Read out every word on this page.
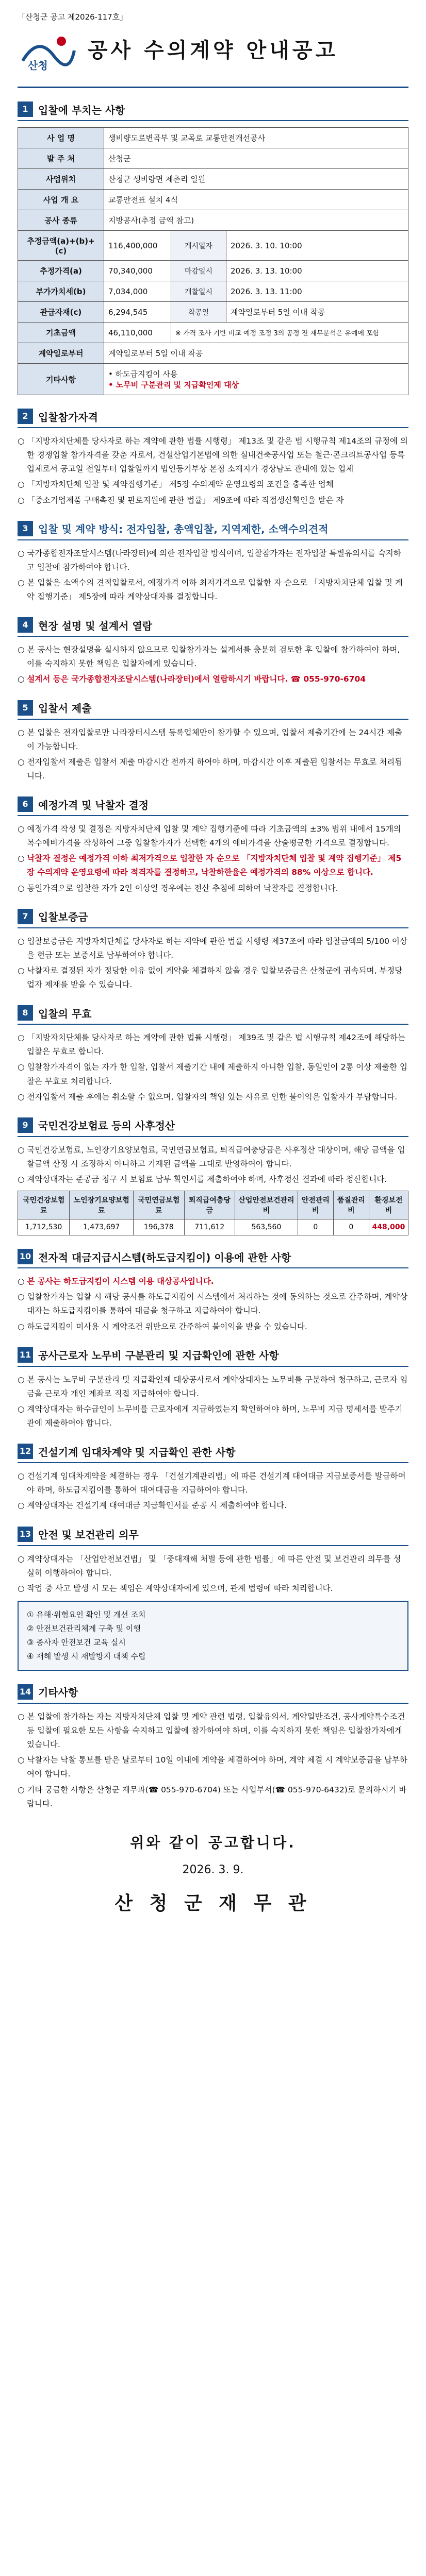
「산청군 공고 제2026-117호」
산청
공사 수의계약 안내공고
1 입찰에 부치는 사항
사 업 명	생비량도로변곡부 및 교목로 교통안전개선공사		
발 주 처	산청군		
사업위치	산청군 생비량면 제촌리 일원		
사업 개 요	교통안전표 설치 4식		
공사 종류	지방공사(추정 금액 참고)		
추정금액(a)+(b)+(c)	116,400,000	게시일자	2026. 3. 10. 10:00
추정가격(a)	70,340,000	마감일시	2026. 3. 13. 10:00
부가가치세(b)	7,034,000	개찰일시	2026. 3. 13. 11:00
관급자재(c)	6,294,545	착공일	계약일로부터 5일 이내 착공
기초금액	46,110,000	※ 가격 조사 기반 비교 예정 조정 3의 공정 전 재무분석은 유예에 포함	
계약일로부터	계약일로부터 5일 이내 착공		
기타사항	• 하도급지킴이 사용
• 노무비 구분관리 및 지급확인제 대상		
2 입찰참가자격

○ 「지방자치단체를 당사자로 하는 계약에 관한 법률 시행령」 제13조 및 같은 법 시행규칙 제14조의 규정에 의한 경쟁입찰 참가자격을 갖춘 자로서, 건설산업기본법에 의한 실내건축공사업 또는 철근·콘크리트공사업 등록업체로서 공고일 전일부터 입찰일까지 법인등기부상 본점 소재지가 경상남도 관내에 있는 업체

○ 「지방자치단체 입찰 및 계약집행기준」 제5장 수의계약 운영요령의 조건을 충족한 업체

○ 「중소기업제품 구매촉진 및 판로지원에 관한 법률」 제9조에 따라 직접생산확인을 받은 자

3 입찰 및 계약 방식: 전자입찰, 총액입찰, 지역제한, 소액수의견적

○ 국가종합전자조달시스템(나라장터)에 의한 전자입찰 방식이며, 입찰참가자는 전자입찰 특별유의서를 숙지하고 입찰에 참가하여야 합니다.

○ 본 입찰은 소액수의 견적입찰로서, 예정가격 이하 최저가격으로 입찰한 자 순으로 「지방자치단체 입찰 및 계약 집행기준」 제5장에 따라 계약상대자를 결정합니다.

4 현장 설명 및 설계서 열람

○ 본 공사는 현장설명을 실시하지 않으므로 입찰참가자는 설계서를 충분히 검토한 후 입찰에 참가하여야 하며, 이를 숙지하지 못한 책임은 입찰자에게 있습니다.

○ 설계서 등은 국가종합전자조달시스템(나라장터)에서 열람하시기 바랍니다. ☎ 055-970-6704

5 입찰서 제출

○ 본 입찰은 전자입찰로만 나라장터시스템 등록업체만이 참가할 수 있으며, 입찰서 제출기간에 는 24시간 제출이 가능합니다.

○ 전자입찰서 제출은 입찰서 제출 마감시간 전까지 하여야 하며, 마감시간 이후 제출된 입찰서는 무효로 처리됩니다.

6 예정가격 및 낙찰자 결정

○ 예정가격 작성 및 결정은 지방자치단체 입찰 및 계약 집행기준에 따라 기초금액의 ±3% 범위 내에서 15개의 복수예비가격을 작성하여 그중 입찰참가자가 선택한 4개의 예비가격을 산술평균한 가격으로 결정합니다.

○ 낙찰자 결정은 예정가격 이하 최저가격으로 입찰한 자 순으로 「지방자치단체 입찰 및 계약 집행기준」 제5장 수의계약 운영요령에 따라 적격자를 결정하고, 낙찰하한율은 예정가격의 88% 이상으로 합니다.

○ 동일가격으로 입찰한 자가 2인 이상일 경우에는 전산 추첨에 의하여 낙찰자를 결정합니다.

7 입찰보증금

○ 입찰보증금은 지방자치단체를 당사자로 하는 계약에 관한 법률 시행령 제37조에 따라 입찰금액의 5/100 이상을 현금 또는 보증서로 납부하여야 합니다.

○ 낙찰자로 결정된 자가 정당한 이유 없이 계약을 체결하지 않을 경우 입찰보증금은 산청군에 귀속되며, 부정당업자 제재를 받을 수 있습니다.

8 입찰의 무효

○ 「지방자치단체를 당사자로 하는 계약에 관한 법률 시행령」 제39조 및 같은 법 시행규칙 제42조에 해당하는 입찰은 무효로 합니다.

○ 입찰참가자격이 없는 자가 한 입찰, 입찰서 제출기간 내에 제출하지 아니한 입찰, 동일인이 2통 이상 제출한 입찰은 무효로 처리합니다.

○ 전자입찰서 제출 후에는 취소할 수 없으며, 입찰자의 책임 있는 사유로 인한 불이익은 입찰자가 부담합니다.

9 국민건강보험료 등의 사후정산

○ 국민건강보험료, 노인장기요양보험료, 국민연금보험료, 퇴직급여충당금은 사후정산 대상이며, 해당 금액을 입찰금액 산정 시 조정하지 아니하고 기재된 금액을 그대로 반영하여야 합니다.

○ 계약상대자는 준공금 청구 시 보험료 납부 확인서를 제출하여야 하며, 사후정산 결과에 따라 정산합니다.

국민건강보험료	노인장기요양보험료	국민연금보험료	퇴직급여충당금	산업안전보건관리비	안전관리비	품질관리비	환경보전비
1,712,530	1,473,697	196,378	711,612	563,560	0	0	448,000
10 전자적 대금지급시스템(하도급지킴이) 이용에 관한 사항

○ 본 공사는 하도급지킴이 시스템 이용 대상공사입니다.

○ 입찰참가자는 입찰 시 해당 공사를 하도급지킴이 시스템에서 처리하는 것에 동의하는 것으로 간주하며, 계약상대자는 하도급지킴이를 통하여 대금을 청구하고 지급하여야 합니다.

○ 하도급지킴이 미사용 시 계약조건 위반으로 간주하여 불이익을 받을 수 있습니다.

11 공사근로자 노무비 구분관리 및 지급확인에 관한 사항

○ 본 공사는 노무비 구분관리 및 지급확인제 대상공사로서 계약상대자는 노무비를 구분하여 청구하고, 근로자 임금을 근로자 개인 계좌로 직접 지급하여야 합니다.

○ 계약상대자는 하수급인이 노무비를 근로자에게 지급하였는지 확인하여야 하며, 노무비 지급 명세서를 발주기관에 제출하여야 합니다.

12 건설기계 임대차계약 및 지급확인 관한 사항

○ 건설기계 임대차계약을 체결하는 경우 「건설기계관리법」에 따른 건설기계 대여대금 지급보증서를 발급하여야 하며, 하도급지킴이를 통하여 대여대금을 지급하여야 합니다.

○ 계약상대자는 건설기계 대여대금 지급확인서를 준공 시 제출하여야 합니다.

13 안전 및 보건관리 의무

○ 계약상대자는 「산업안전보건법」 및 「중대재해 처벌 등에 관한 법률」에 따른 안전 및 보건관리 의무를 성실히 이행하여야 합니다.

○ 작업 중 사고 발생 시 모든 책임은 계약상대자에게 있으며, 관계 법령에 따라 처리합니다.

① 유해·위험요인 확인 및 개선 조치
② 안전보건관리체계 구축 및 이행
③ 종사자 안전보건 교육 실시
④ 재해 발생 시 재발방지 대책 수립
14 기타사항

○ 본 입찰에 참가하는 자는 지방자치단체 입찰 및 계약 관련 법령, 입찰유의서, 계약일반조건, 공사계약특수조건 등 입찰에 필요한 모든 사항을 숙지하고 입찰에 참가하여야 하며, 이를 숙지하지 못한 책임은 입찰참가자에게 있습니다.

○ 낙찰자는 낙찰 통보를 받은 날로부터 10일 이내에 계약을 체결하여야 하며, 계약 체결 시 계약보증금을 납부하여야 합니다.

○ 기타 궁금한 사항은 산청군 재무과(☎ 055-970-6704) 또는 사업부서(☎ 055-970-6432)로 문의하시기 바랍니다.

위와 같이 공고합니다.
2026. 3. 9.
산 청 군 재 무 관
